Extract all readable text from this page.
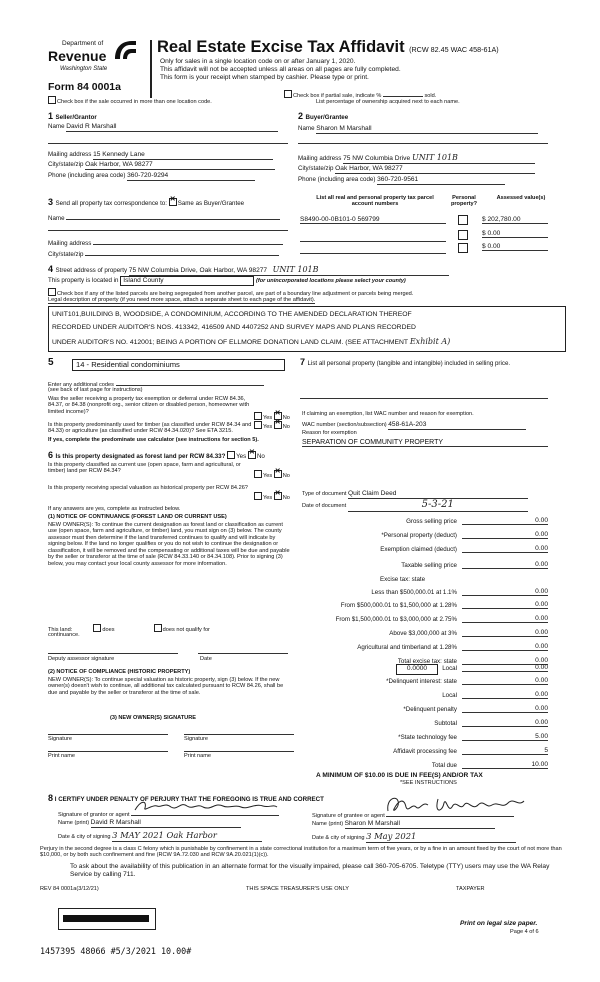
Department of
Revenue
Washington State
Form 84 0001a
Real Estate Excise Tax Affidavit (RCW 82.45 WAC 458-61A)
Only for sales in a single location code on or after January 1, 2020.
This affidavit will not be accepted unless all areas on all pages are fully completed.
This form is your receipt when stamped by cashier. Please type or print.
Check box if the sale occurred in more than one location code.
Check box if partial sale, indicate %	sold.
List percentage of ownership acquired next to each name.
1 Seller/Grantor
Name David R Marshall
Mailing address 15 Kennedy Lane
City/state/zip Oak Harbor, WA 98277
Phone (including area code) 360-720-9294
2 Buyer/Grantee
Name Sharon M Marshall
Mailing address 75 NW Columbia Drive UNIT 101B
City/state/zip Oak Harbor, WA 98277
Phone (including area code) 360-720-9561
3 Send all property tax correspondence to: ✕ Same as Buyer/Grantee
Name
Mailing address
City/state/zip
List all real and personal property tax parcel account numbers
Personal property?
Assessed value(s)
S8490-00-0B101-0 569799	$ 202,780.00
$ 0.00
$ 0.00
4 Street address of property 75 NW Columbia Drive, Oak Harbor, WA 98277 UNIT 101B
This property is located in Island County	(for unincorporated locations please select your county)
Check box if any of the listed parcels are being segregated from another parcel, are part of a boundary line adjustment or parcels being merged.
Legal description of property (if you need more space, attach a separate sheet to each page of the affidavit).
UNIT101,BUILDING B, WOODSIDE, A CONDOMINIUM, ACCORDING TO THE AMENDED DECLARATION THEREOF
RECORDED UNDER AUDITOR'S NOS. 413342, 416509 AND 4407252 AND SURVEY MAPS AND PLANS RECORDED
UNDER AUDITOR'S NO. 412001; BEING A PORTION OF ELLMORE DONATION LAND CLAIM. (SEE ATTACHMENT Exhibit A)
5	14 - Residential condominiums
Enter any additional codes
(see back of last page for instructions)
Was the seller receiving a property tax exemption or deferral under RCW 84.36, 84.37, or 84.38 (nonprofit org., senior citizen or disabled person, homeowner with limited income)?
Yes ✕ No
Is this property predominantly used for timber (as classified under RCW 84.34 and 84.33) or agriculture (as classified under RCW 84.34.020)? See ETA 3215.
Yes ✕ No
If yes, complete the predominate use calculator (see instructions for section 5).
6 Is this property designated as forest land per RCW 84.33? Yes ✕ No
Is this property classified as current use (open space, farm and agricultural, or timber) land per RCW 84.34?
Yes ✕ No
Is this property receiving special valuation as historical property per RCW 84.26?
Yes ✕ No
If any answers are yes, complete as instructed below.
(1) NOTICE OF CONTINUANCE (FOREST LAND OR CURRENT USE)
NEW OWNER(S): To continue the current designation as forest land or classification as current use (open space, farm and agriculture, or timber) land, you must sign on (3) below. The county assessor must then determine if the land transferred continues to qualify and will indicate by signing below. If the land no longer qualifies or you do not wish to continue the designation or classification, it will be removed and the compensating or additional taxes will be due and payable by the seller or transferor at the time of sale (RCW 84.33.140 or 84.34.108). Prior to signing (3) below, you may contact your local county assessor for more information.
This land:	does	does not qualify for
continuance.
Deputy assessor signature	Date
(2) NOTICE OF COMPLIANCE (HISTORIC PROPERTY)
NEW OWNER(S): To continue special valuation as historic property, sign (3) below. If the new owner(s) doesn't wish to continue, all additional tax calculated pursuant to RCW 84.26, shall be due and payable by the seller or transferor at the time of sale.
(3) NEW OWNER(S) SIGNATURE
Signature	Signature
Print name	Print name
7 List all personal property (tangible and intangible) included in selling price.
If claiming an exemption, list WAC number and reason for exemption.
WAC number (section/subsection) 458-61A-203
Reason for exemption
SEPARATION OF COMMUNITY PROPERTY
Type of document Quit Claim Deed
Date of document	5-3-21
Gross selling price	0.00
*Personal property (deduct)	0.00
Exemption claimed (deduct)	0.00
Taxable selling price	0.00
Excise tax: state
Less than $500,000.01 at 1.1%	0.00
From $500,000.01 to $1,500,000 at 1.28%	0.00
From $1,500,000.01 to $3,000,000 at 2.75%	0.00
Above $3,000,000 at 3%	0.00
Agricultural and timberland at 1.28%	0.00
Total excise tax: state	0.00
0.0000	Local	0.00
*Delinquent interest: state	0.00
Local	0.00
*Delinquent penalty	0.00
Subtotal	0.00
*State technology fee	5.00
Affidavit processing fee	5
Total due	10.00
A MINIMUM OF $10.00 IS DUE IN FEE(S) AND/OR TAX
*SEE INSTRUCTIONS
8 I CERTIFY UNDER PENALTY OF PERJURY THAT THE FOREGOING IS TRUE AND CORRECT
Signature of grantor or agent
Name (print) David R Marshall
Date & city of signing 3 MAY 2021 Oak Harbor
Signature of grantee or agent
Name (print) Sharon M Marshall
Date & city of signing 3 May 2021
Perjury in the second degree is a class C felony which is punishable by confinement in a state correctional institution for a maximum term of five years, or by a fine in an amount fixed by the court of not more than $10,000, or by both such confinement and fine (RCW 9A.72.030 and RCW 9A.20.021(1)(c)).
To ask about the availability of this publication in an alternate format for the visually impaired, please call 360-705-6705. Teletype (TTY) users may use the WA Relay Service by calling 711.
REV 84 0001a(3/12/21)	THIS SPACE TREASURER'S USE ONLY	TAXPAYER
Print on legal size paper.
Page 4 of 6
1457395 48066 #5/3/2021 10.00#
